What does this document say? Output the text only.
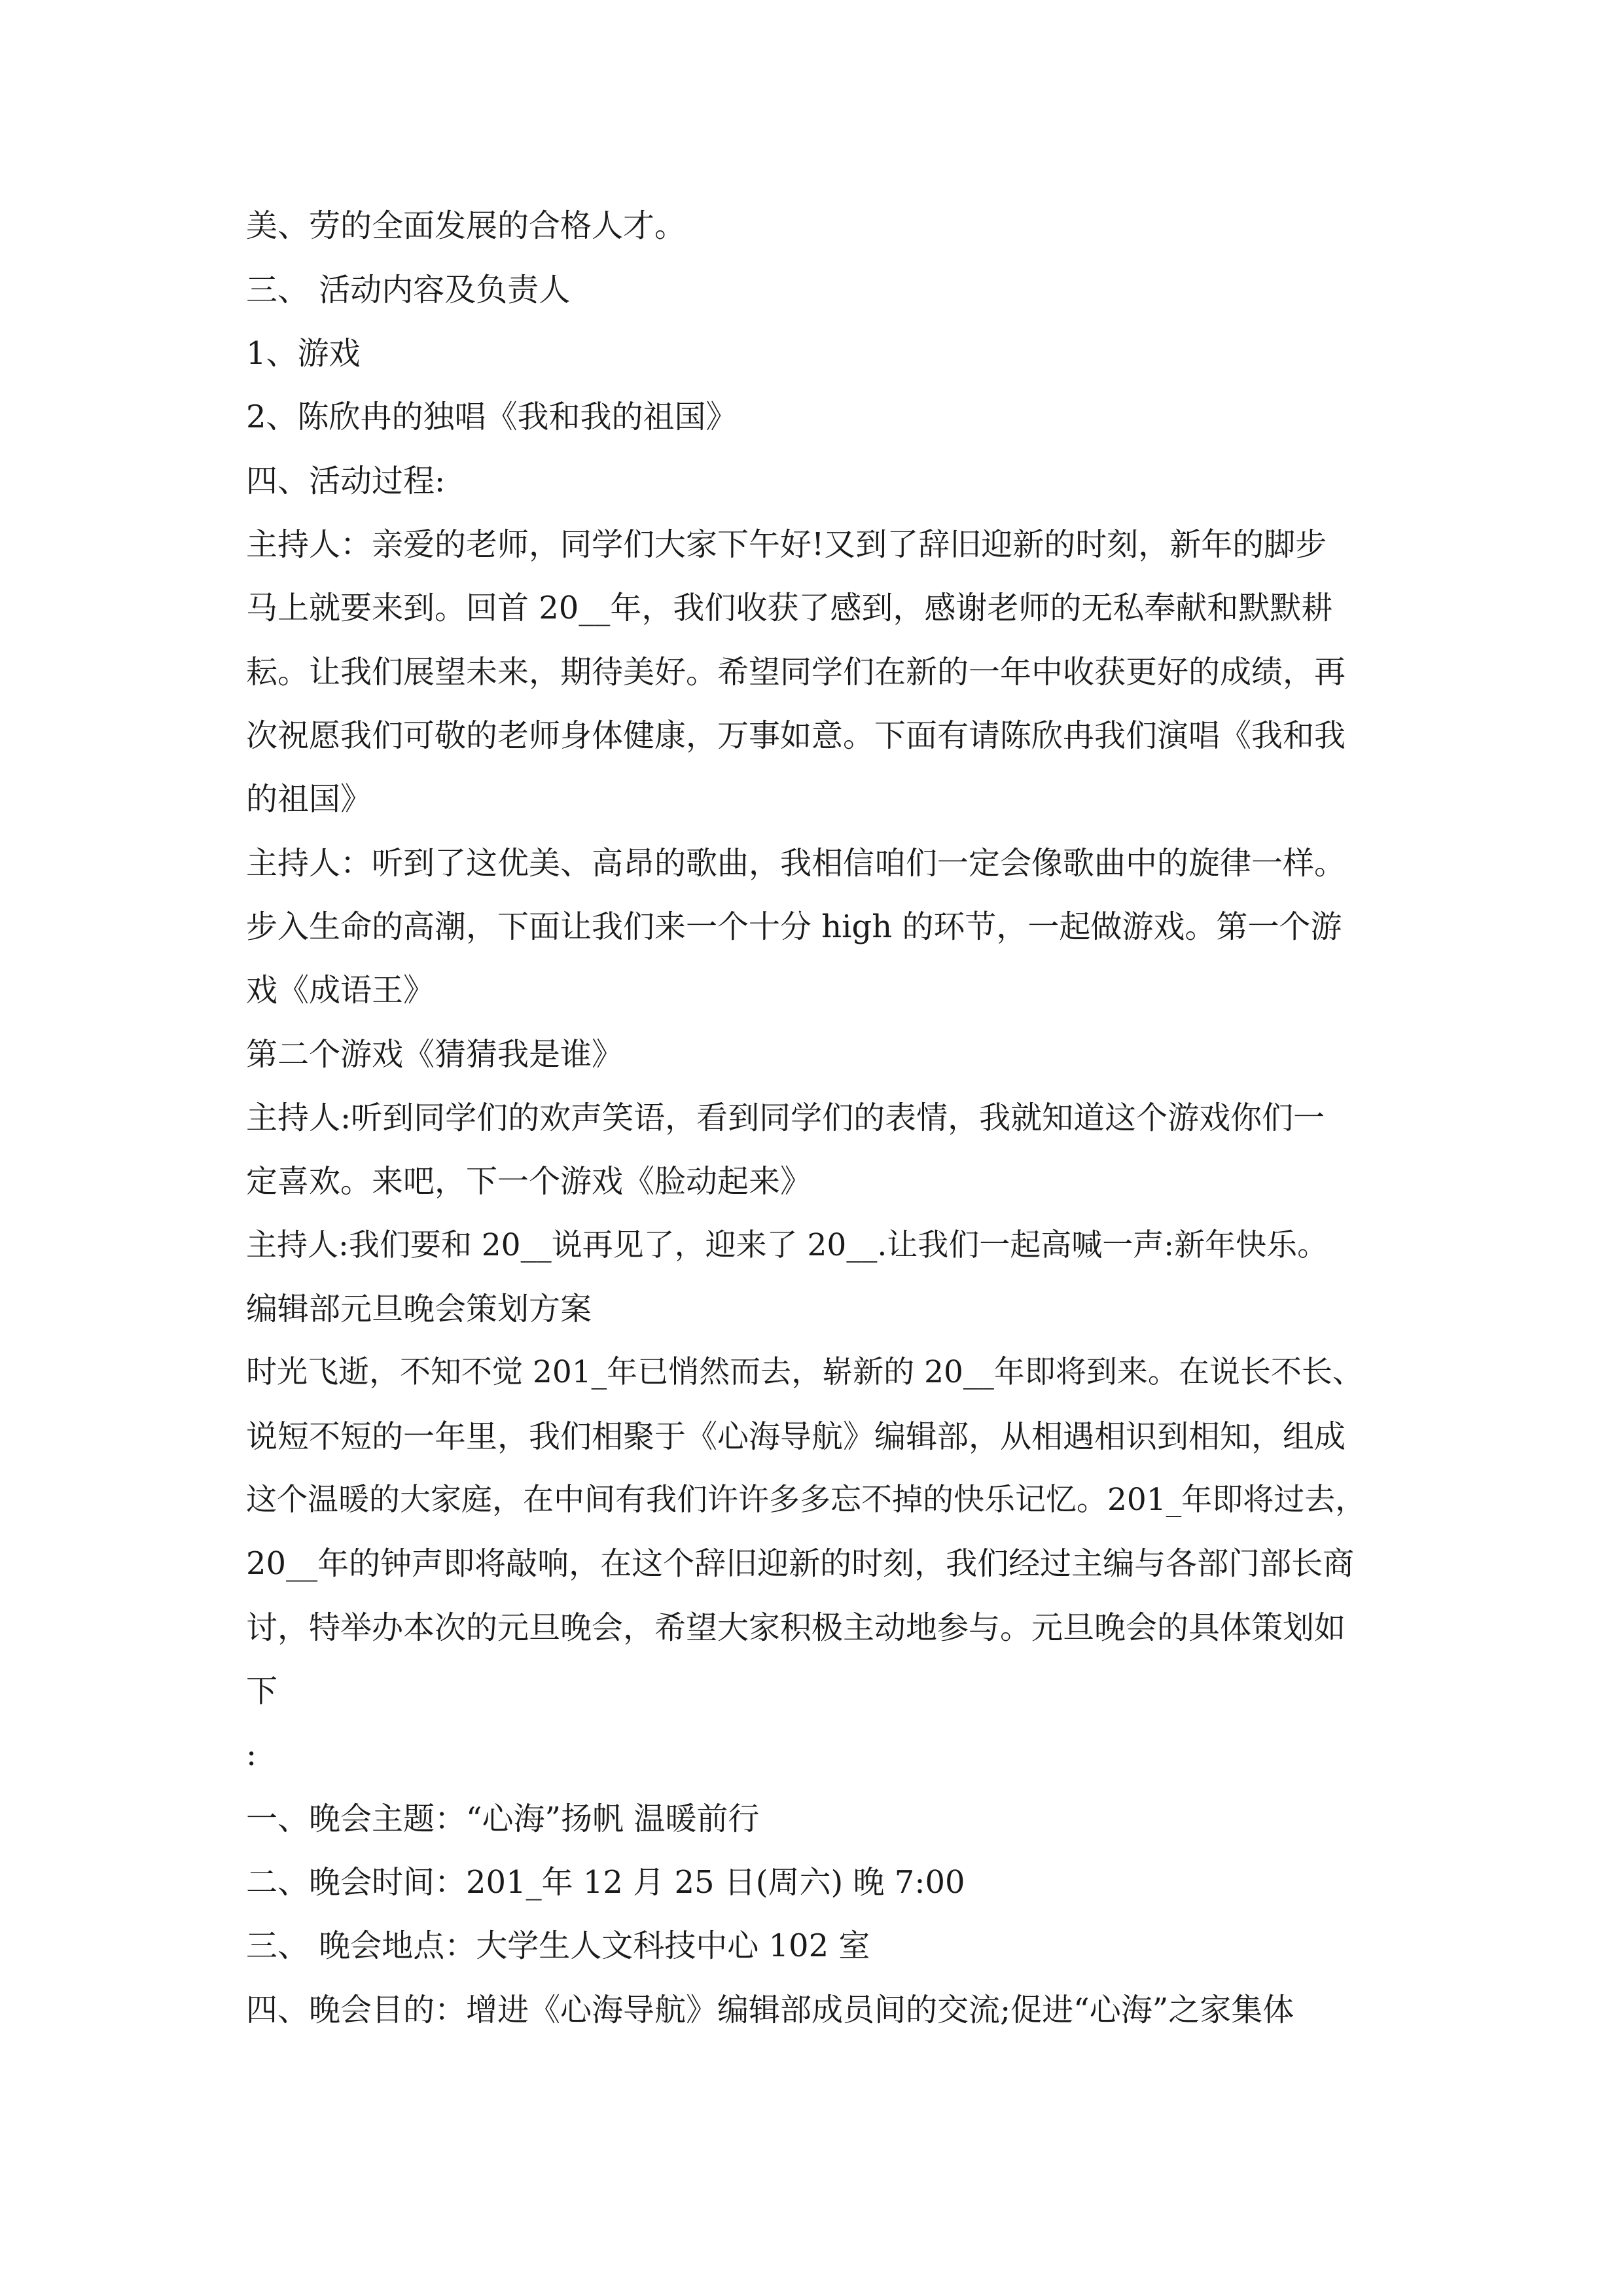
美、劳的全面发展的合格人才。
三、 活动内容及负责人
1、游戏
2、陈欣冉的独唱《我和我的祖国》
四、活动过程:
主持人：亲爱的老师，同学们大家下午好!又到了辞旧迎新的时刻，新年的脚步
马上就要来到。回首 20__年，我们收获了感到，感谢老师的无私奉献和默默耕
耘。让我们展望未来，期待美好。希望同学们在新的一年中收获更好的成绩，再
次祝愿我们可敬的老师身体健康，万事如意。下面有请陈欣冉我们演唱《我和我
的祖国》
主持人：听到了这优美、高昂的歌曲，我相信咱们一定会像歌曲中的旋律一样。
步入生命的高潮，下面让我们来一个十分 high 的环节，一起做游戏。第一个游
戏《成语王》
第二个游戏《猜猜我是谁》
主持人:听到同学们的欢声笑语，看到同学们的表情，我就知道这个游戏你们一
定喜欢。来吧，下一个游戏《脸动起来》
主持人:我们要和 20__说再见了，迎来了 20__.让我们一起高喊一声:新年快乐。
编辑部元旦晚会策划方案
时光飞逝，不知不觉 201_年已悄然而去，崭新的 20__年即将到来。在说长不长、
说短不短的一年里，我们相聚于《心海导航》编辑部，从相遇相识到相知，组成
这个温暖的大家庭，在中间有我们许许多多忘不掉的快乐记忆。201_年即将过去，
20__年的钟声即将敲响，在这个辞旧迎新的时刻，我们经过主编与各部门部长商
讨，特举办本次的元旦晚会，希望大家积极主动地参与。元旦晚会的具体策划如
下
:
一、晚会主题：“心海”扬帆 温暖前行
二、晚会时间：201_年 12 月 25 日(周六) 晚 7:00
三、 晚会地点：大学生人文科技中心 102 室
四、晚会目的：增进《心海导航》编辑部成员间的交流;促进“心海”之家集体
